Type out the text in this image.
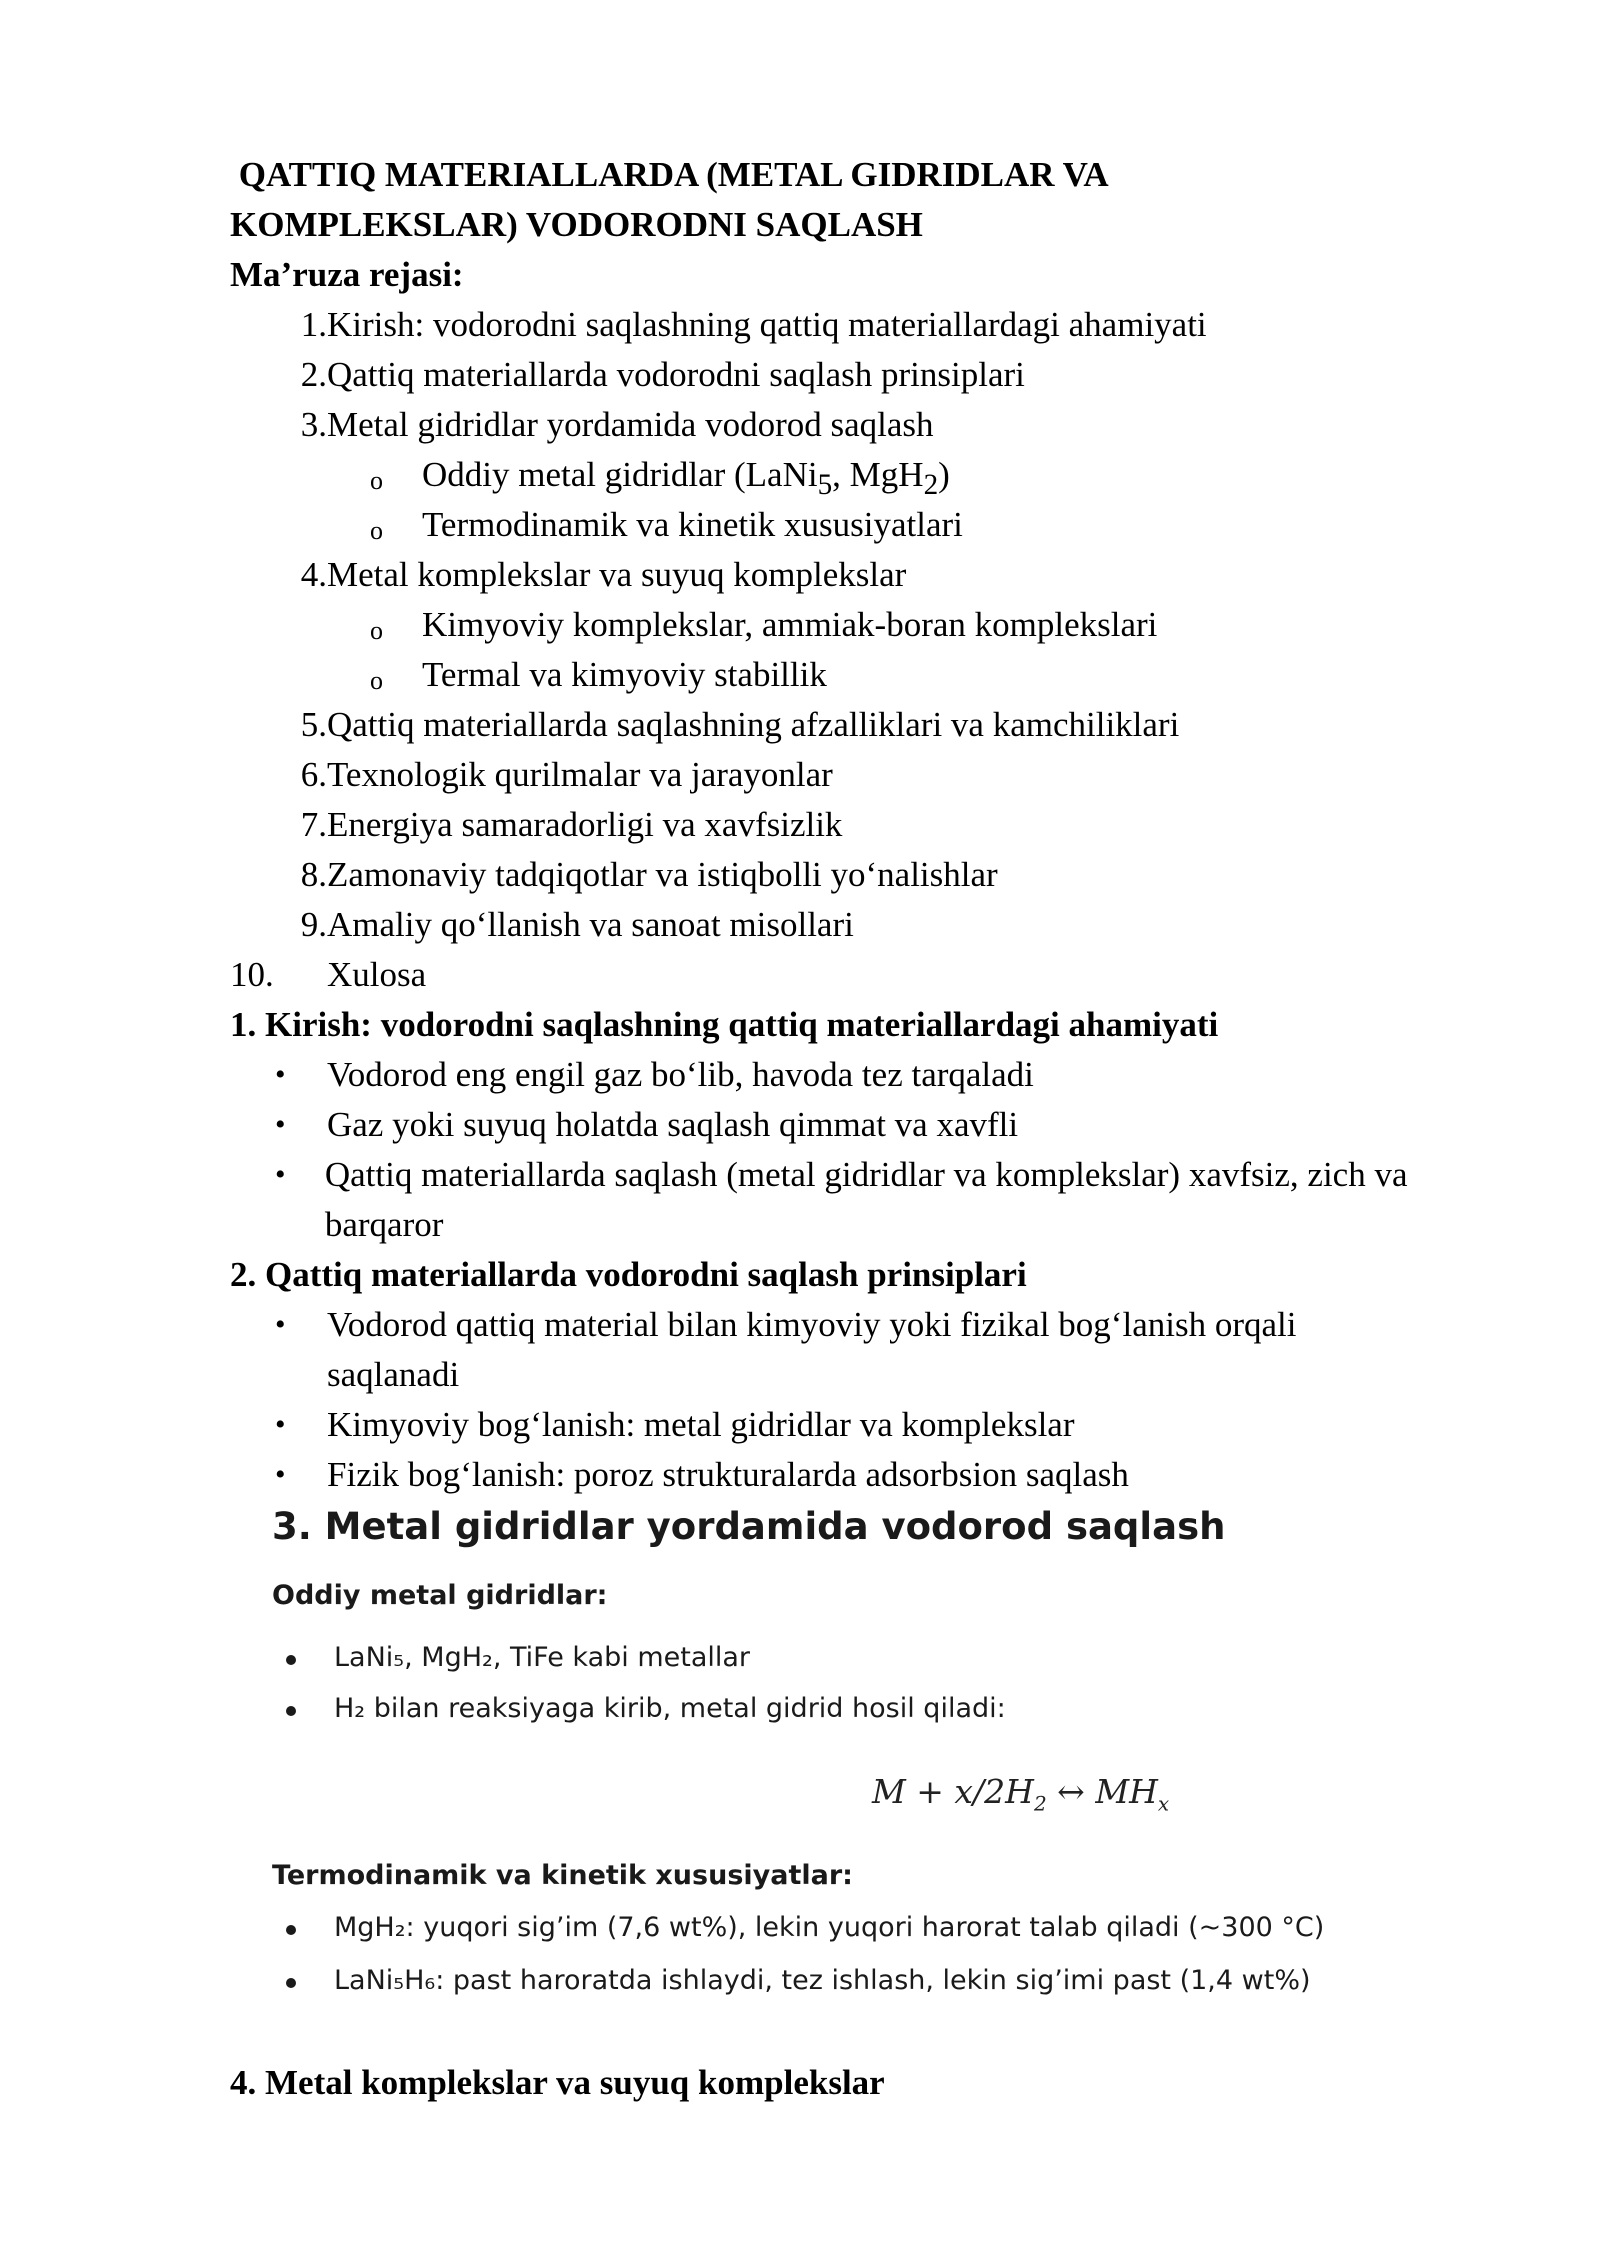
QATTIQ MATERIALLARDA (METAL GIDRIDLAR VA
KOMPLEKSLAR) VODORODNI SAQLASH
Ma’ruza rejasi:
1. Kirish: vodorodni saqlashning qattiq materiallardagi ahamiyati
2. Qattiq materiallarda vodorodni saqlash prinsiplari
3. Metal gidridlar yordamida vodorod saqlash
o	Oddiy metal gidridlar (LaNi$_5$, MgH$_2$)
o	Termodinamik va kinetik xususiyatlari
4. Metal komplekslar va suyuq komplekslar
o	Kimyoviy komplekslar, ammiak-boran komplekslari
o	Termal va kimyoviy stabillik
5. Qattiq materiallarda saqlashning afzalliklari va kamchiliklari
6. Texnologik qurilmalar va jarayonlar
7. Energiya samaradorligi va xavfsizlik
8. Zamonaviy tadqiqotlar va istiqbolli yo‘nalishlar
9. Amaliy qo‘llanish va sanoat misollari
10.	Xulosa
1. Kirish: vodorodni saqlashning qattiq materiallardagi ahamiyati
•	Vodorod eng engil gaz bo‘lib, havoda tez tarqaladi
•	Gaz yoki suyuq holatda saqlash qimmat va xavfli
•	Qattiq materiallarda saqlash (metal gidridlar va komplekslar) xavfsiz, zich va barqaror
2. Qattiq materiallarda vodorodni saqlash prinsiplari
•	Vodorod qattiq material bilan kimyoviy yoki fizikal bog‘lanish orqali saqlanadi
•	Kimyoviy bog‘lanish: metal gidridlar va komplekslar
•	Fizik bog‘lanish: poroz strukturalarda adsorbsion saqlash
3. Metal gidridlar yordamida vodorod saqlash
Oddiy metal gidridlar:
LaNi₅, MgH₂, TiFe kabi metallar
H₂ bilan reaksiyaga kirib, metal gidrid hosil qiladi:
$M + x/2H_2$ ↔ $MH_x$
Termodinamik va kinetik xususiyatlar:
MgH₂: yuqori sig’im (7,6 wt%), lekin yuqori harorat talab qiladi (~300 °C)
LaNi₅H₆: past haroratda ishlaydi, tez ishlash, lekin sig’imi past (1,4 wt%)
4. Metal komplekslar va suyuq komplekslar
